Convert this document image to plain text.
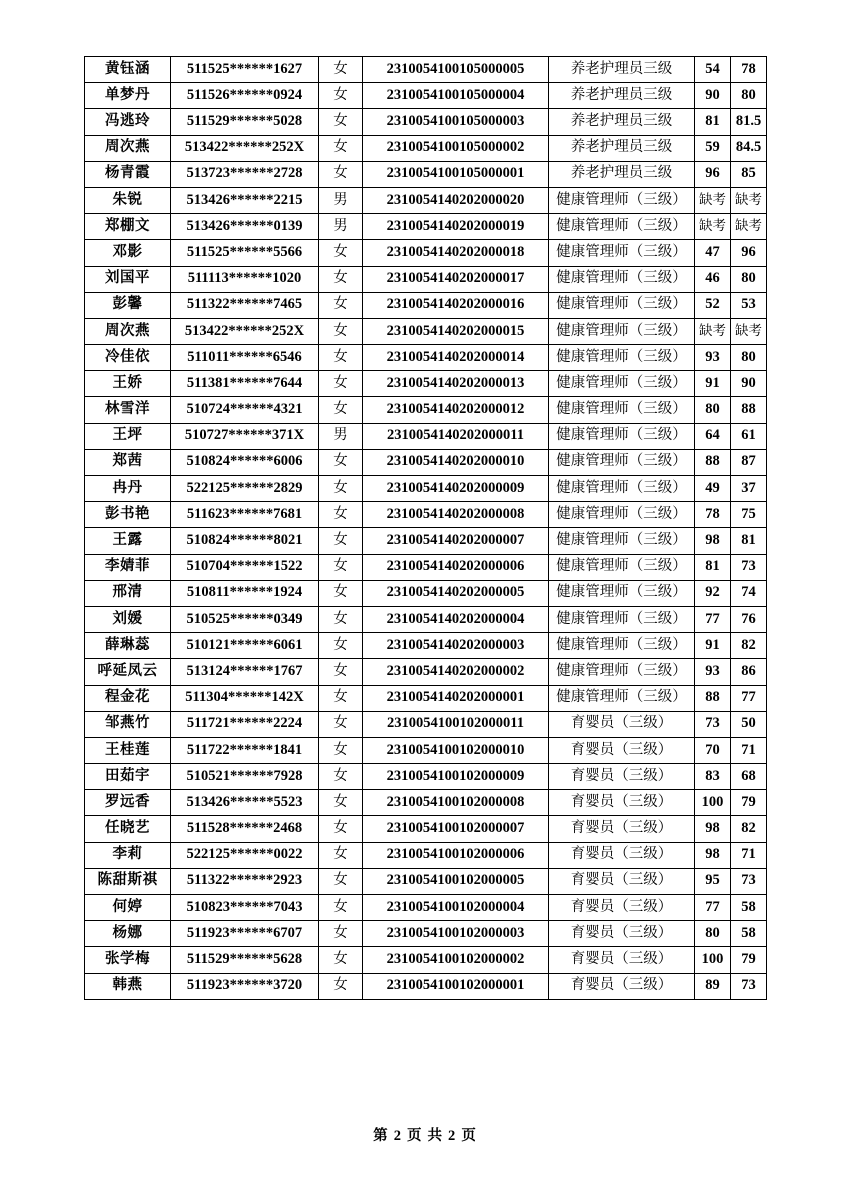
黄钰涵	511525******1627	女	2310054100105000005	养老护理员三级	54	78
单梦丹	511526******0924	女	2310054100105000004	养老护理员三级	90	80
冯逃玲	511529******5028	女	2310054100105000003	养老护理员三级	81	81.5
周次燕	513422******252X	女	2310054100105000002	养老护理员三级	59	84.5
杨青霞	513723******2728	女	2310054100105000001	养老护理员三级	96	85
朱锐	513426******2215	男	2310054140202000020	健康管理师（三级）	缺考	缺考
郑棚文	513426******0139	男	2310054140202000019	健康管理师（三级）	缺考	缺考
邓影	511525******5566	女	2310054140202000018	健康管理师（三级）	47	96
刘国平	511113******1020	女	2310054140202000017	健康管理师（三级）	46	80
彭馨	511322******7465	女	2310054140202000016	健康管理师（三级）	52	53
周次燕	513422******252X	女	2310054140202000015	健康管理师（三级）	缺考	缺考
冷佳依	511011******6546	女	2310054140202000014	健康管理师（三级）	93	80
王娇	511381******7644	女	2310054140202000013	健康管理师（三级）	91	90
林雪洋	510724******4321	女	2310054140202000012	健康管理师（三级）	80	88
王坪	510727******371X	男	2310054140202000011	健康管理师（三级）	64	61
郑茜	510824******6006	女	2310054140202000010	健康管理师（三级）	88	87
冉丹	522125******2829	女	2310054140202000009	健康管理师（三级）	49	37
彭书艳	511623******7681	女	2310054140202000008	健康管理师（三级）	78	75
王露	510824******8021	女	2310054140202000007	健康管理师（三级）	98	81
李婧菲	510704******1522	女	2310054140202000006	健康管理师（三级）	81	73
邢清	510811******1924	女	2310054140202000005	健康管理师（三级）	92	74
刘媛	510525******0349	女	2310054140202000004	健康管理师（三级）	77	76
薛琳蕊	510121******6061	女	2310054140202000003	健康管理师（三级）	91	82
呼延凤云	513124******1767	女	2310054140202000002	健康管理师（三级）	93	86
程金花	511304******142X	女	2310054140202000001	健康管理师（三级）	88	77
邹燕竹	511721******2224	女	2310054100102000011	育婴员（三级）	73	50
王桂莲	511722******1841	女	2310054100102000010	育婴员（三级）	70	71
田茹宇	510521******7928	女	2310054100102000009	育婴员（三级）	83	68
罗远香	513426******5523	女	2310054100102000008	育婴员（三级）	100	79
任晓艺	511528******2468	女	2310054100102000007	育婴员（三级）	98	82
李莉	522125******0022	女	2310054100102000006	育婴员（三级）	98	71
陈甜斯祺	511322******2923	女	2310054100102000005	育婴员（三级）	95	73
何婷	510823******7043	女	2310054100102000004	育婴员（三级）	77	58
杨娜	511923******6707	女	2310054100102000003	育婴员（三级）	80	58
张学梅	511529******5628	女	2310054100102000002	育婴员（三级）	100	79
韩燕	511923******3720	女	2310054100102000001	育婴员（三级）	89	73
第 2 页 共 2 页
